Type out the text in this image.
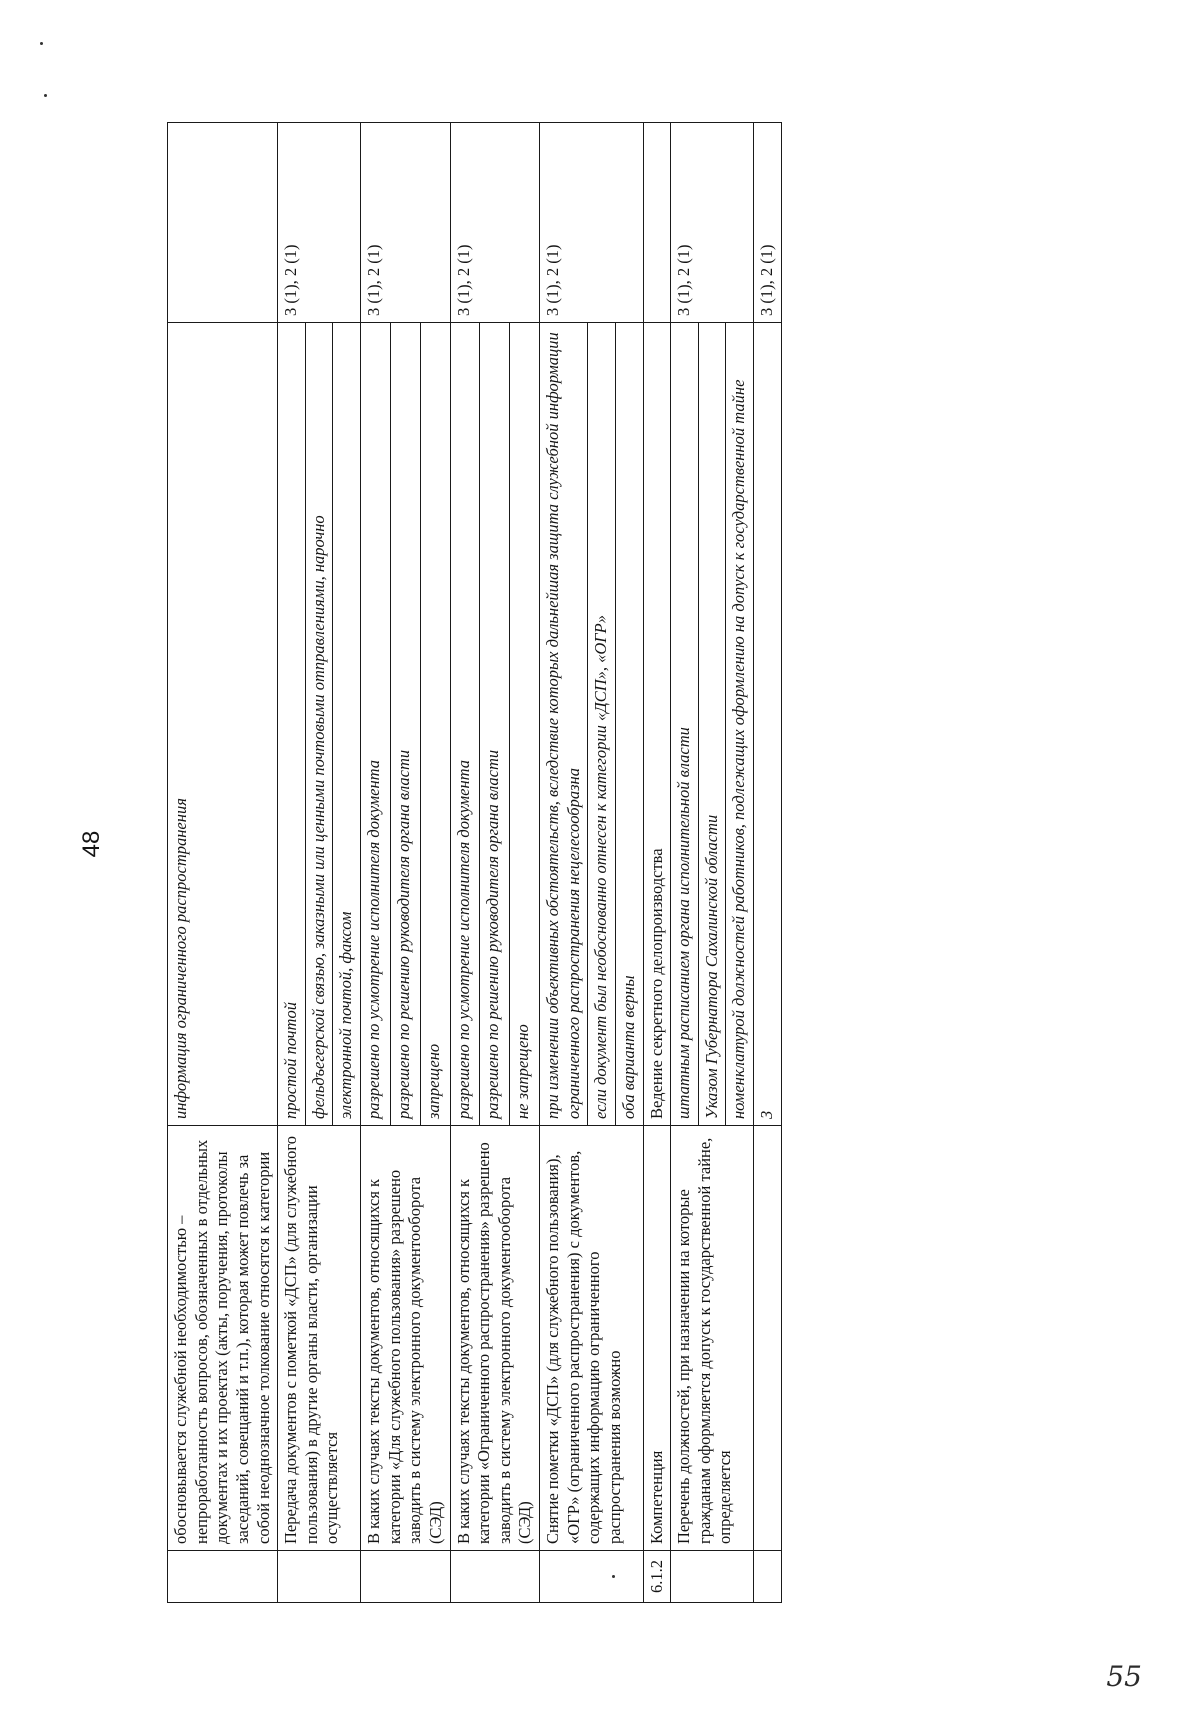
48
	обосновывается служебной необходимостью – непроработанность вопросов, обозначенных в отдельных документах и их проектах (акты, поручения, протоколы заседаний, совещаний и т.п.), которая может повлечь за собой неоднозначное толкование относятся к категории	информация ограниченного распространения	
	Передача документов с пометкой «ДСП» (для служебного пользования) в другие органы власти, организации осуществляется	простой почтой	3 (1), 2 (1)
		фельдъегерской связью, заказными или ценными почтовыми отправлениями, нарочно	
		электронной почтой, факсом	
	В каких случаях тексты документов, относящихся к категории «Для служебного пользования» разрешено заводить в систему электронного документооборота (СЭД)	разрешено по усмотрение исполнителя документа	3 (1), 2 (1)
		разрешено по решению руководителя органа власти	
		запрещено	
	В каких случаях тексты документов, относящихся к категории «Ограниченного распространения» разрешено заводить в систему электронного документооборота (СЭД)	разрешено по усмотрение исполнителя документа	3 (1), 2 (1)
		разрешено по решению руководителя органа власти	
		не запрещено	
	Снятие пометки «ДСП» (для служебного пользования), «ОГР» (ограниченного распространения) с документов, содержащих информацию ограниченного распространения возможно	при изменении объективных обстоятельств, вследствие которых дальнейшая защита служебной информации ограниченного распространения нецелесообразна	3 (1), 2 (1)
		если документ был необоснованно отнесен к категории «ДСП», «ОГР»	
		оба варианта верны	
6.1.2	Компетенция	Ведение секретного делопроизводства	
	Перечень должностей, при назначении на которые гражданам оформляется допуск к государственной тайне, определяется	штатным расписанием органа исполнительной власти	3 (1), 2 (1)
		Указом Губернатора Сахалинской области	
		номенклатурой должностей работников, подлежащих оформлению на допуск к государственной тайне	
		3	3 (1), 2 (1)
55
